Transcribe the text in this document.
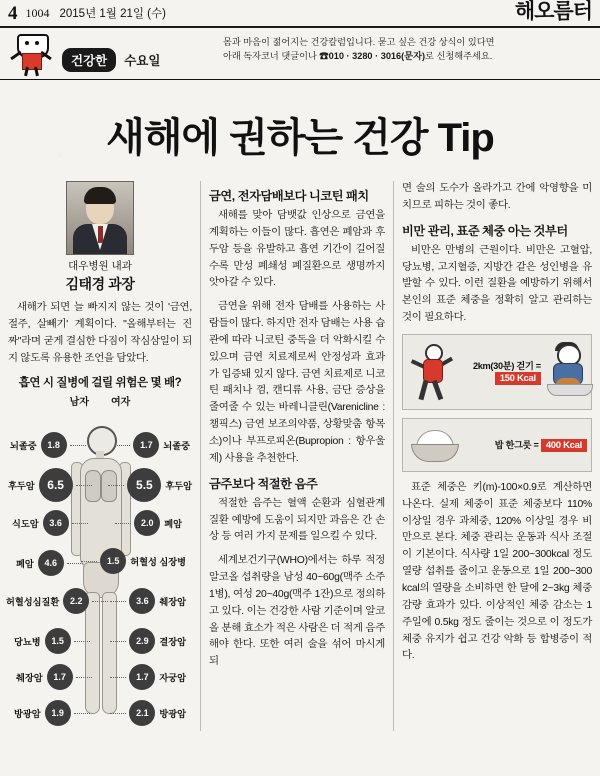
4 1004 2015년 1월 21일 (수)	해오름터
건강한	수요일
몸과 마음이 젊어지는 건강칼럼입니다. 묻고 싶은 건강 상식이 있다면
아래 독자코너 댓글이나 ☎010 · 3280 · 3016(문자)로 신청해주세요.
새해에 권하는 건강 Tip
대우병원 내과
김태경 과장

새해가 되면 늘 빠지지 않는 것이 '금연, 절주, 살빼기' 계획이다. "올해부터는 진짜"라며 굳게 결심한 다짐이 작심삼일이 되지 않도록 유용한 조언을 담았다.

흡연 시 질병에 걸릴 위험은 몇 배?
남자 여자
뇌졸중	1.8
후두암	6.5
식도암	3.6
폐암	4.6
허혈성심질환	2.2
당뇨병	1.5
췌장암	1.7
방광암	1.9
1.7	뇌졸중
5.5	후두암
2.0	폐암
1.5	허혈성 심장병
3.6	췌장암
2.9	결장암
1.7	자궁암
2.1	방광암
금연, 전자담배보다 니코틴 패치

새해를 맞아 담뱃값 인상으로 금연을 계획하는 이들이 많다. 흡연은 폐암과 후두암 등을 유발하고 흡연 기간이 길어질수록 만성 폐쇄성 폐질환으로 생명까지 앗아갈 수 있다.

금연을 위해 전자 담배를 사용하는 사람들이 많다. 하지만 전자 담배는 사용 습관에 따라 니코틴 중독을 더 악화시킬 수 있으며 금연 치료제로써 안정성과 효과가 입증돼 있지 않다. 금연 치료제로 니코틴 패치나 껌, 캔디류 사용, 금단 증상을 줄여줄 수 있는 바레니클린(Varenicline : 챔픽스) 금연 보조의약품, 상황맞춤 항목소)이나 부프로피온(Bupropion : 항우울제) 사용을 추천한다.

금주보다 적절한 음주

적절한 음주는 혈액 순환과 심혈관계 질환 예방에 도움이 되지만 과음은 간 손상 등 여러 가지 문제를 일으킬 수 있다.

세계보건기구(WHO)에서는 하루 적정 알코올 섭취량을 남성 40~60g(맥주 소주 1병), 여성 20~40g(맥주 1잔)으로 정의하고 있다. 이는 건강한 사람 기준이며 알코올 분해 효소가 적은 사람은 더 적게 음주해야 한다. 또한 여러 술을 섞어 마시게 되

면 술의 도수가 올라가고 간에 악영향을 미치므로 피하는 것이 좋다.

비만 관리, 표준 체중 아는 것부터

비만은 만병의 근원이다. 비만은 고혈압, 당뇨병, 고지혈증, 지방간 같은 성인병을 유발할 수 있다. 이런 질환을 예방하기 위해서 본인의 표준 체중을 정확히 알고 관리하는 것이 필요하다.

2km(30분) 걷기 = 150 Kcal
밥 한그릇 = 400 Kcal

표준 체중은 키(m)-100×0.9로 계산하면 나온다. 실제 체중이 표준 체중보다 110% 이상일 경우 과체중, 120% 이상일 경우 비만으로 본다. 체중 관리는 운동과 식사 조절이 기본이다. 식사량 1일 200~300kcal 정도 열량 섭취를 줄이고 운동으로 1일 200~300 kcal의 열량을 소비하면 한 달에 2~3kg 체중 감량 효과가 있다. 이상적인 체중 감소는 1주일에 0.5kg 정도 줄이는 것으로 이 정도가 체중 유지가 쉽고 건강 악화 등 합병증이 적다.
